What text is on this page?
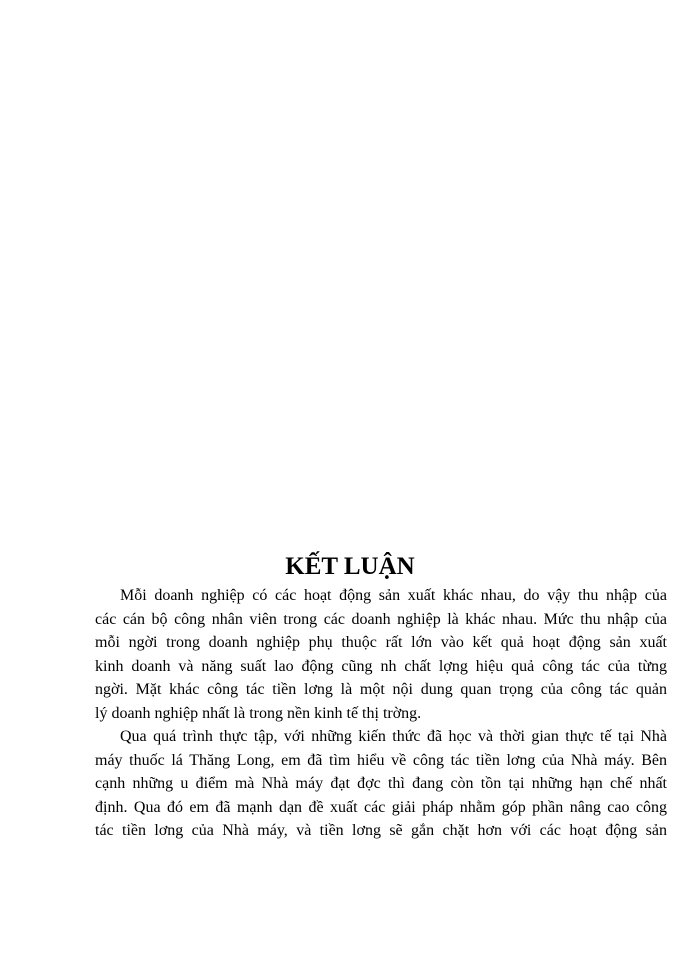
KẾT LUẬN
Mỗi doanh nghiệp có các hoạt động sản xuất khác nhau, do vậy thu nhập của
các cán bộ công nhân viên trong các doanh nghiệp là khác nhau. Mức thu nhập của
mỗi ngời trong doanh nghiệp phụ thuộc rất lớn vào kết quả hoạt động sản xuất
kinh doanh và năng suất lao động cũng nh chất lợng hiệu quả công tác của từng
ngời. Mặt khác công tác tiền lơng là một nội dung quan trọng của công tác quản
lý doanh nghiệp nhất là trong nền kinh tế thị trờng.
Qua quá trình thực tập, với những kiến thức đã học và thời gian thực tế tại Nhà
máy thuốc lá Thăng Long, em đã tìm hiểu về công tác tiền lơng của Nhà máy. Bên
cạnh những u điểm mà Nhà máy đạt đợc thì đang còn tồn tại những hạn chế nhất
định. Qua đó em đã mạnh dạn đề xuất các giải pháp nhằm góp phần nâng cao công
tác tiền lơng của Nhà máy, và tiền lơng sẽ gắn chặt hơn với các hoạt động sản
